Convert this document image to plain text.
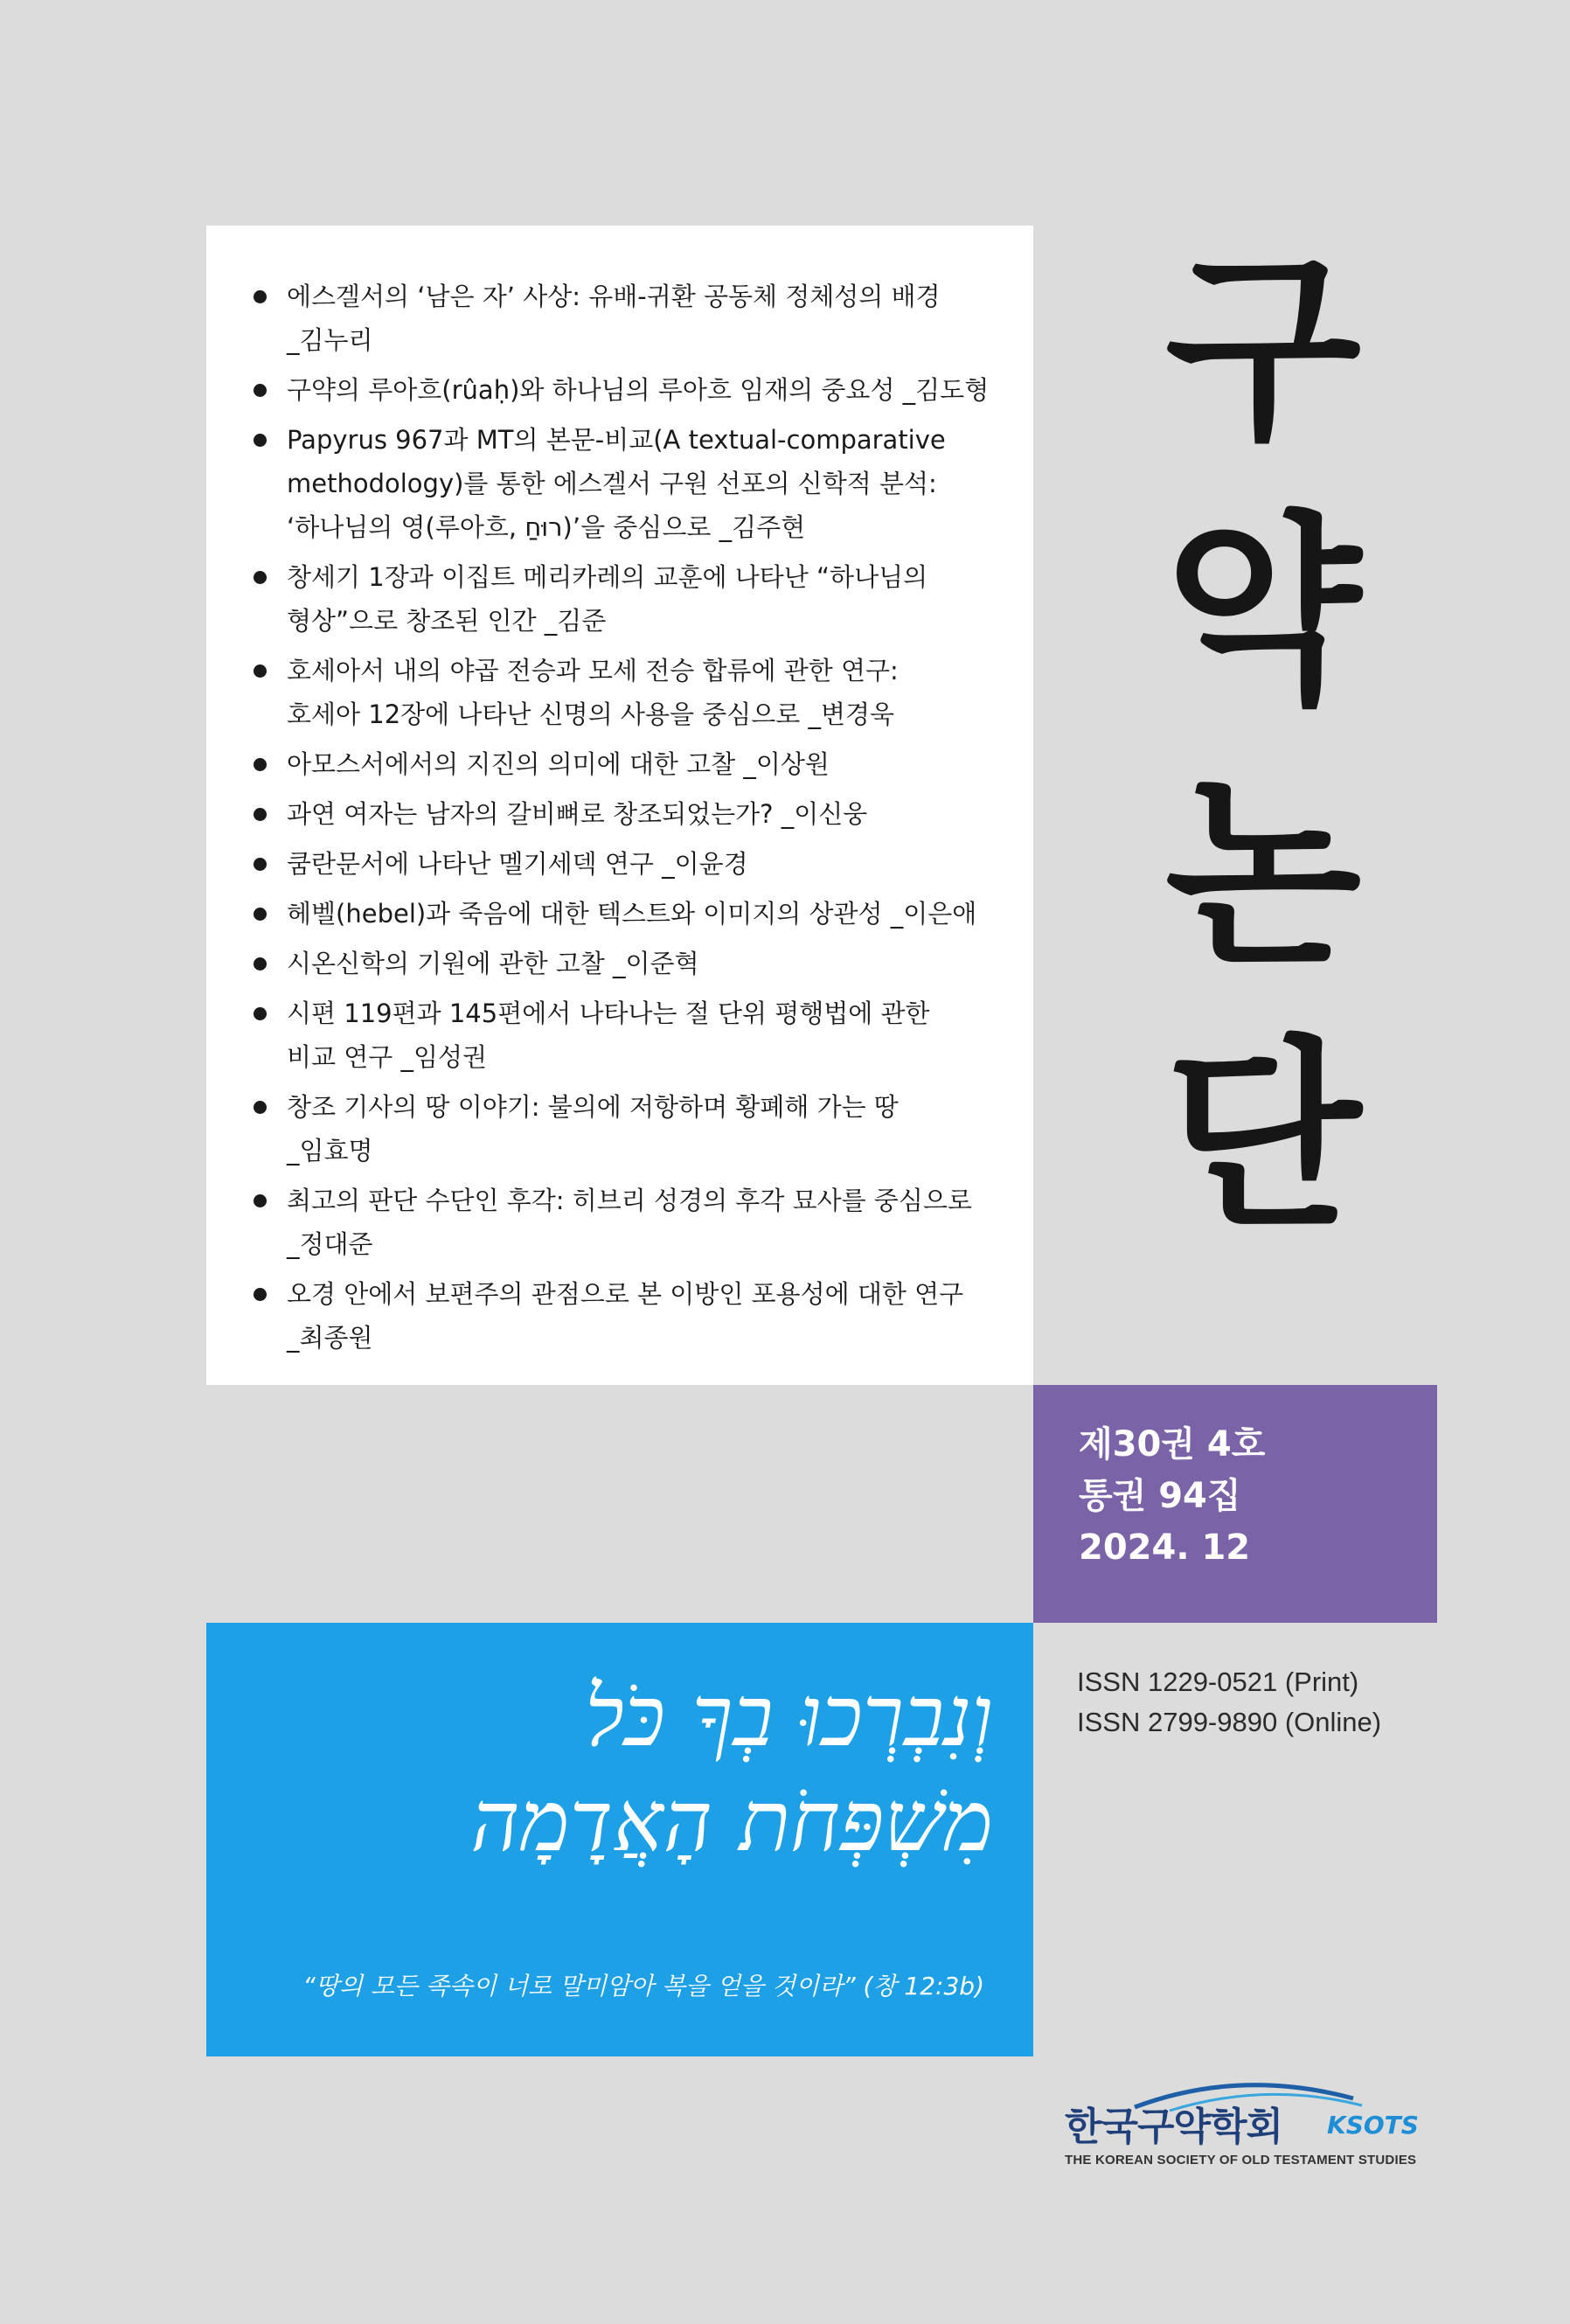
에스겔서의 ‘남은 자’ 사상: 유배-귀환 공동체 정체성의 배경
_김누리
구약의 루아흐(rûaḥ)와 하나님의 루아흐 임재의 중요성 _김도형
Papyrus 967과 MT의 본문-비교(A textual-comparative
methodology)를 통한 에스겔서 구원 선포의 신학적 분석:
‘하나님의 영(루아흐, רוּחַ)’을 중심으로 _김주현
창세기 1장과 이집트 메리카레의 교훈에 나타난 “하나님의
형상”으로 창조된 인간 _김준
호세아서 내의 야곱 전승과 모세 전승 합류에 관한 연구:
호세아 12장에 나타난 신명의 사용을 중심으로 _변경욱
아모스서에서의 지진의 의미에 대한 고찰 _이상원
과연 여자는 남자의 갈비뼈로 창조되었는가? _이신웅
쿰란문서에 나타난 멜기세덱 연구 _이윤경
헤벨(hebel)과 죽음에 대한 텍스트와 이미지의 상관성 _이은애
시온신학의 기원에 관한 고찰 _이준혁
시편 119편과 145편에서 나타나는 절 단위 평행법에 관한
비교 연구 _임성권
창조 기사의 땅 이야기: 불의에 저항하며 황폐해 가는 땅
_임효명
최고의 판단 수단인 후각: 히브리 성경의 후각 묘사를 중심으로
_정대준
오경 안에서 보편주의 관점으로 본 이방인 포용성에 대한 연구
_최종원
구
약
논
단
제30권 4호
통권 94집
2024. 12
וְנִבְרְכוּ בְךָ כֹּל
מִשְׁפְּחֹת הָאֲדָמָה
“땅의 모든 족속이 너로 말미암아 복을 얻을 것이라” (창 12:3b)
ISSN 1229-0521 (Print)
ISSN 2799-9890 (Online)
한국구약학회 KSOTS
THE KOREAN SOCIETY OF OLD TESTAMENT STUDIES
